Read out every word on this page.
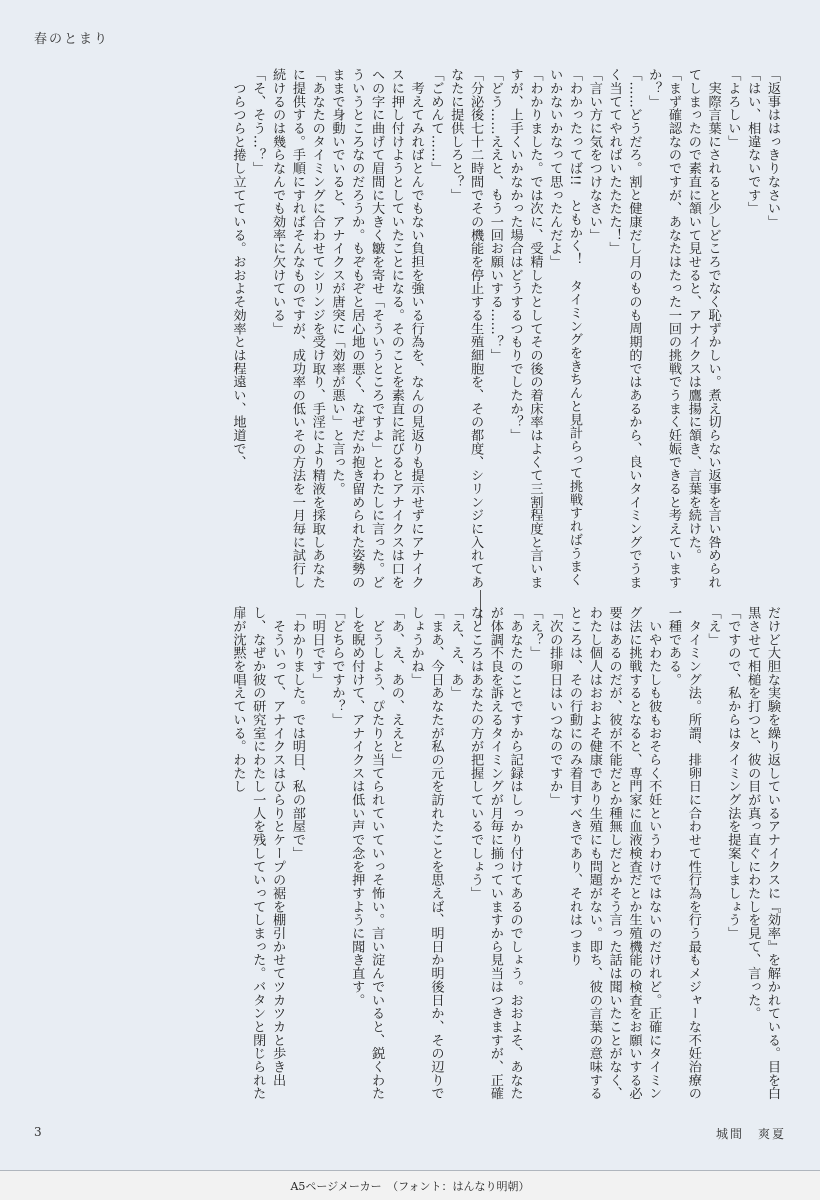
春のとまり

「返事ははっきりなさい」

「はい、相違ないです」

「よろしい」

　実際言葉にされると少しどころでなく恥ずかしい。煮え切らない返事を言い咎められてしまったので素直に頷いて見せると、アナイクスは鷹揚に頷き、言葉を続けた。

「まず確認なのですが、あなたはたった一回の挑戦でうまく妊娠できると考えていますか？」

「……どうだろ。割と健康だし月のものも周期的ではあるから、良いタイミングでうまく当ててやればいたたたた！」

「言い方に気をつけなさい」

「わかったってば!!　ともかく！　タイミングをきちんと見計らって挑戦すればうまくいかないかなって思ったんだよ」

「わかりました。では次に、受精したとしてその後の着床率はよくて三割程度と言いますが、上手くいかなかった場合はどうするつもりでしたか？」

「どう……ええと、もう一回お願いする……？」

「分泌後七十二時間でその機能を停止する生殖細胞を、その都度、シリンジに入れてあなたに提供しろと？」

「ごめんて……」

　考えてみればとんでもない負担を強いる行為を、なんの見返りも提示せずにアナイクスに押し付けようとしていたことになる。そのことを素直に詫びるとアナイクスは口をへの字に曲げて眉間に大きく皺を寄せ「そういうところですよ」とわたしに言った。どういうところなのだろうか。もぞもぞと居心地の悪く、なぜだか抱き留められた姿勢のままで身動いでいると、アナイクスが唐突に「効率が悪い」と言った。

「あなたのタイミングに合わせてシリンジを受け取り、手淫により精液を採取しあなたに提供する。手順にすればそんなものですが、成功率の低いその方法を一月毎に試行し続けるのは幾らなんでも効率に欠けている」

「そ、そう…？」

　つらつらと捲し立てている。おおよそ効率とは程遠い、地道で、

だけど大胆な実験を繰り返しているアナイクスに『効率』を解かれている。目を白黒させて相槌を打つと、彼の目が真っ直ぐにわたしを見て、言った。

「ですので、私からはタイミング法を提案しましょう」

「え」

　タイミング法。所謂、排卵日に合わせて性行為を行う最もメジャーな不妊治療の一種である。

　いやわたしも彼もおそらく不妊というわけではないのだけれど。正確にタイミング法に挑戦するとなると、専門家に血液検査だとか生殖機能の検査をお願いする必要はあるのだが、彼が不能だとか種無しだとかそう言った話は聞いたことがなく、わたし個人はおおよそ健康であり生殖にも問題がない。即ち、彼の言葉の意味するところは、その行動にのみ着目すべきであり、それはつまり

「次の排卵日はいつなのですか」

「え？」

「あなたのことですから記録はしっかり付けてあるのでしょう。おおよそ、あなたが体調不良を訴えるタイミングが月毎に揃っていますから見当はつきますが、正確なところはあなたの方が把握しているでしょう」

「え、え、あ」

「まあ、今日あなたが私の元を訪れたことを思えば、明日か明後日か、その辺りでしょうかね」

「あ、え、あの、ええと」

　どうしよう、ぴたりと当てられていていっそ怖い。言い淀んでいると、鋭くわたしを睨め付けて、アナイクスは低い声で念を押すように聞き直す。

「どちらですか？」

「明日です」

「わかりました。では明日、私の部屋で」

　そういって、アナイクスはひらりとケープの裾を棚引かせてツカツカと歩き出し、なぜか彼の研究室にわたし一人を残していってしまった。バタンと閉じられた扉が沈黙を唱えている。わたし

3	城間　爽夏
A5ページメーカー　（フォント：はんなり明朝）
